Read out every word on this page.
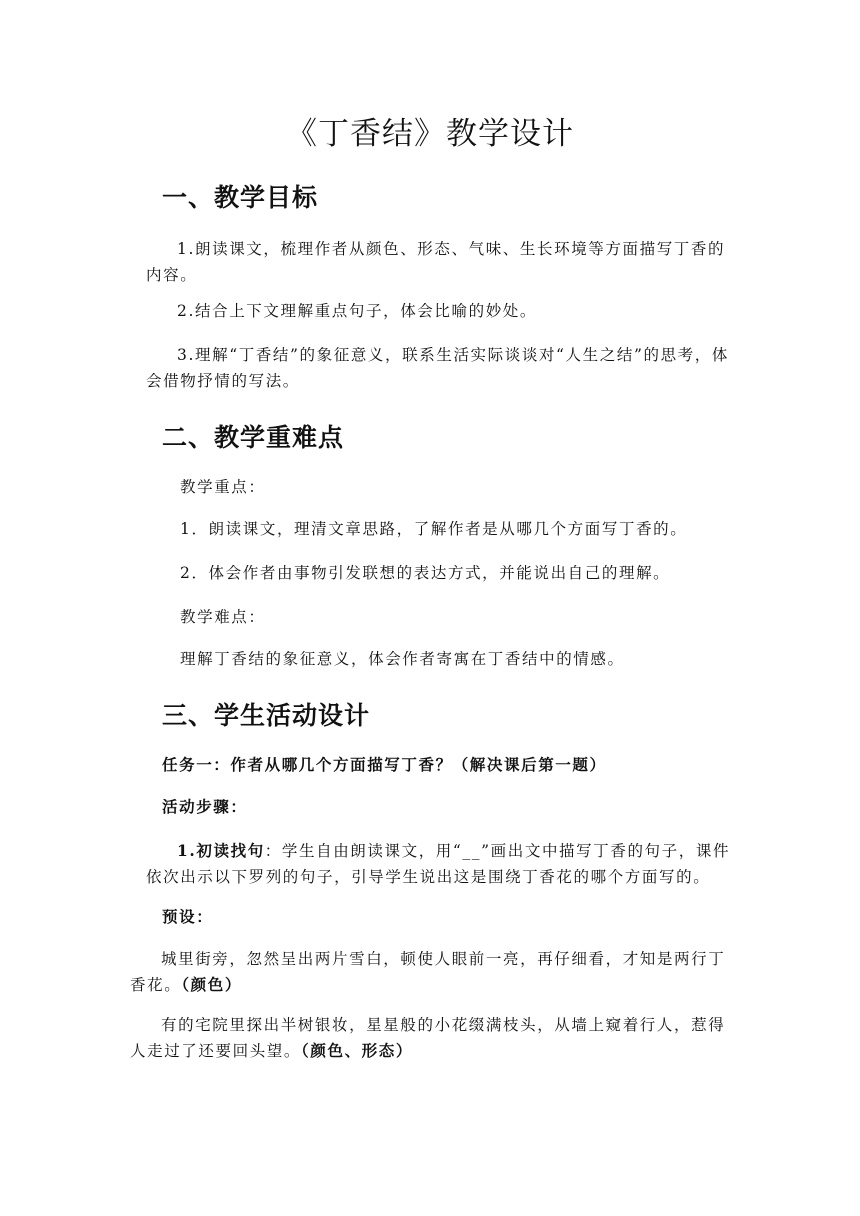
《丁香结》教学设计
一、教学目标
1.朗读课文，梳理作者从颜色、形态、气味、生长环境等方面描写丁香的内容。
2.结合上下文理解重点句子，体会比喻的妙处。
3.理解“丁香结”的象征意义，联系生活实际谈谈对“人生之结”的思考，体会借物抒情的写法。
二、教学重难点
教学重点：
1．朗读课文，理清文章思路，了解作者是从哪几个方面写丁香的。
2．体会作者由事物引发联想的表达方式，并能说出自己的理解。
教学难点：
理解丁香结的象征意义，体会作者寄寓在丁香结中的情感。
三、学生活动设计
任务一：作者从哪几个方面描写丁香？（解决课后第一题）
活动步骤：
1.初读找句：学生自由朗读课文，用“__”画出文中描写丁香的句子，课件依次出示以下罗列的句子，引导学生说出这是围绕丁香花的哪个方面写的。
预设：
城里街旁，忽然呈出两片雪白，顿使人眼前一亮，再仔细看，才知是两行丁香花。（颜色）
有的宅院里探出半树银妆，星星般的小花缀满枝头，从墙上窥着行人，惹得人走过了还要回头望。（颜色、形态）
